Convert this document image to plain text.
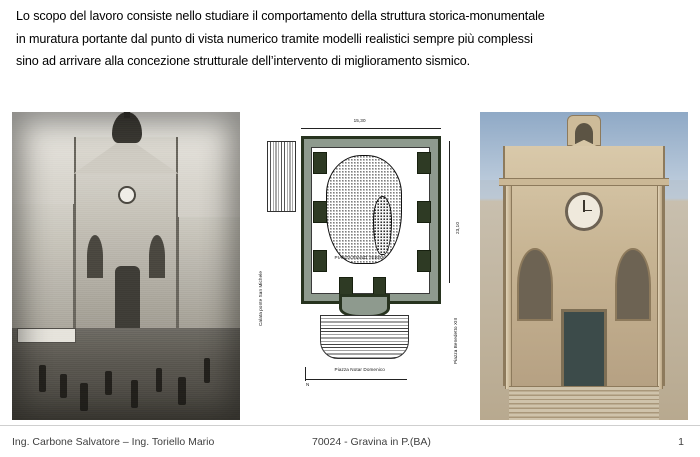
Lo scopo del lavoro consiste nello studiare il comportamento della struttura storica-monumentale

in muratura portante dal punto di vista numerico tramite modelli realistici sempre più complessi

sino ad arrivare alla concezione strutturale dell’intervento di miglioramento sismico.

15,30
23,10
Calata ponte San Michele
Piazza Benedetto XIII
Piazza Notar Domenico
N
PIANTA PIANO TERRA
Ing. Carbone Salvatore – Ing. Toriello Mario	70024 - Gravina in P.(BA)	1
